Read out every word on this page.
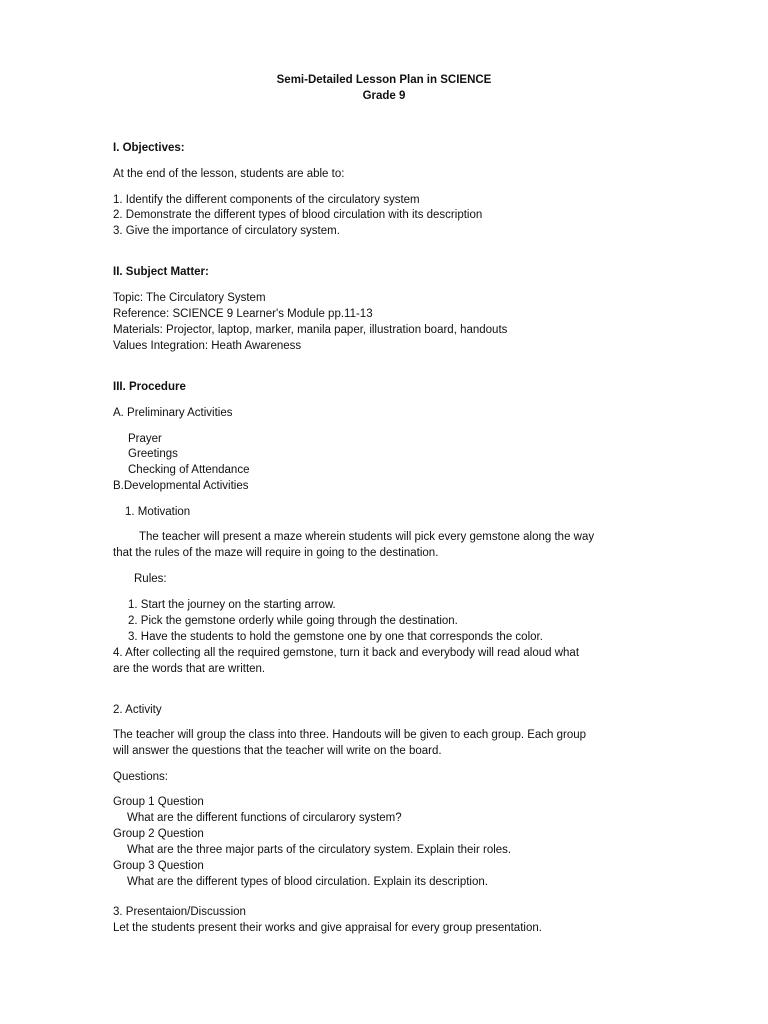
Semi-Detailed Lesson Plan in SCIENCE
Grade 9
I. Objectives:
At the end of the lesson, students are able to:
1. Identify the different components of the circulatory system
2. Demonstrate the different types of blood circulation with its description
3. Give the importance of circulatory system.
II. Subject Matter:
Topic: The Circulatory System
Reference: SCIENCE 9 Learner's Module pp.11-13
Materials: Projector, laptop, marker, manila paper, illustration board, handouts
Values Integration: Heath Awareness
III. Procedure
A. Preliminary Activities
Prayer
Greetings
Checking of Attendance
B.Developmental Activities
1. Motivation
The teacher will present a maze wherein students will pick every gemstone along the way
that the rules of the maze will require in going to the destination.
Rules:
1. Start the journey on the starting arrow.
2. Pick the gemstone orderly while going through the destination.
3. Have the students to hold the gemstone one by one that corresponds the color.
4. After collecting all the required gemstone, turn it back and everybody will read aloud what
are the words that are written.
2. Activity
The teacher will group the class into three. Handouts will be given to each group. Each group
will answer the questions that the teacher will write on the board.
Questions:
Group 1 Question
What are the different functions of circularory system?
Group 2 Question
What are the three major parts of the circulatory system. Explain their roles.
Group 3 Question
What are the different types of blood circulation. Explain its description.
3. Presentaion/Discussion
Let the students present their works and give appraisal for every group presentation.
